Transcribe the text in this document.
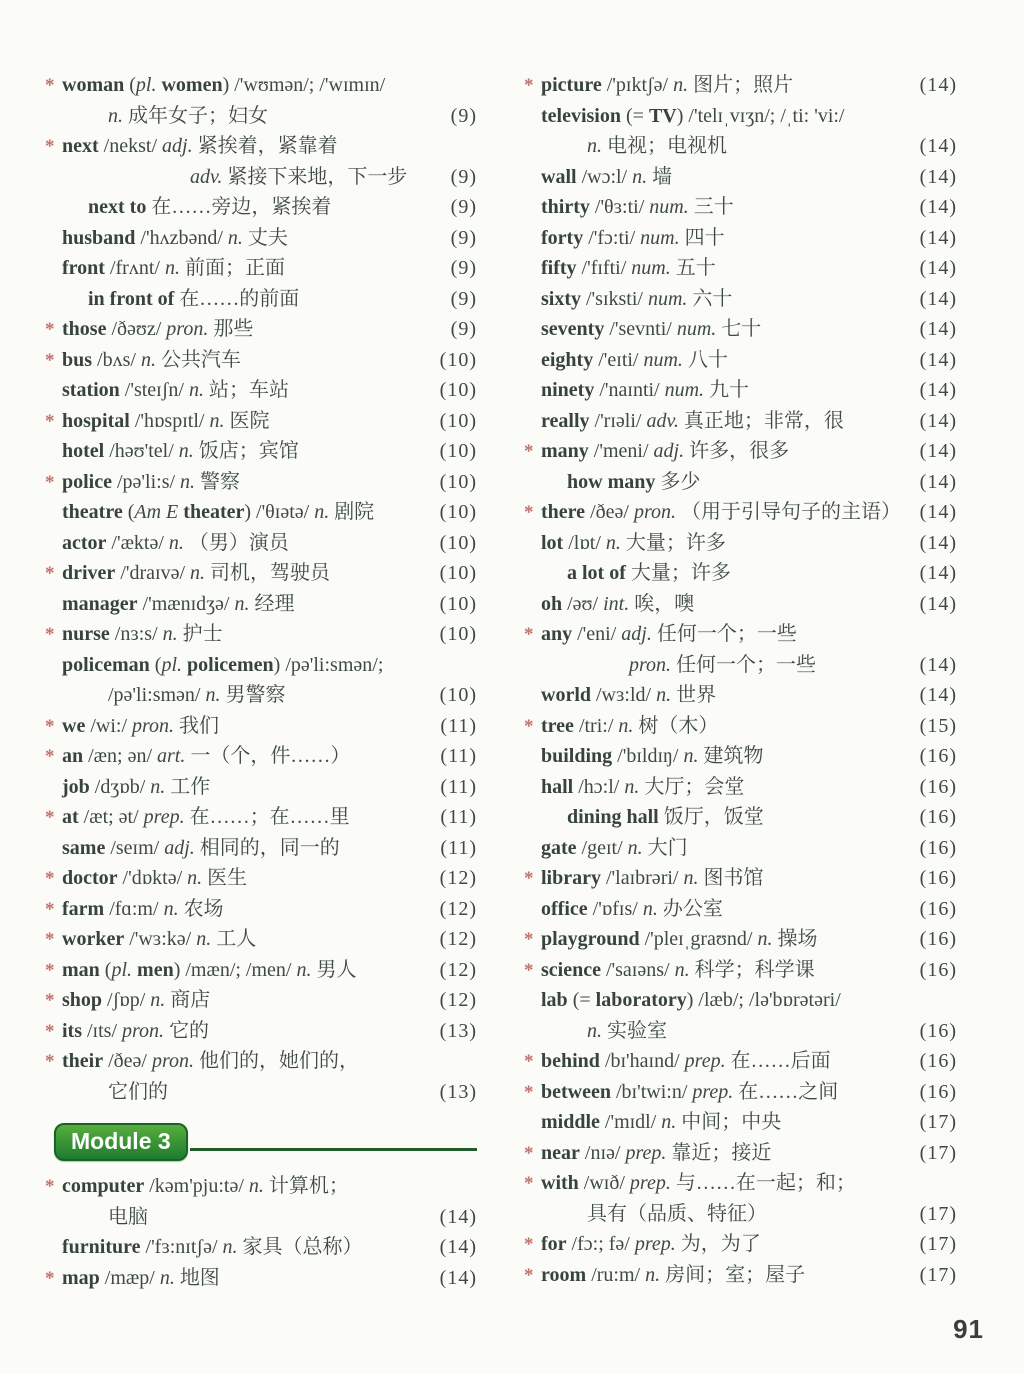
* woman (pl. women) /'wʊmən/; /'wɪmɪn/
n. 成年女子；妇女	(9)
* next /nekst/ adj. 紧挨着，紧靠着
adv. 紧接下来地，下一步	(9)
next to 在……旁边，紧挨着	(9)
husband /'hʌzbənd/ n. 丈夫	(9)
front /frʌnt/ n. 前面；正面	(9)
in front of 在……的前面	(9)
* those /ðəʊz/ pron. 那些	(9)
* bus /bʌs/ n. 公共汽车	(10)
station /'steɪʃn/ n. 站；车站	(10)
* hospital /'hɒspɪtl/ n. 医院	(10)
hotel /həʊ'tel/ n. 饭店；宾馆	(10)
* police /pə'li:s/ n. 警察	(10)
theatre (Am E theater) /'θɪətə/ n. 剧院	(10)
actor /'æktə/ n. （男）演员	(10)
* driver /'draɪvə/ n. 司机，驾驶员	(10)
manager /'mænɪdʒə/ n. 经理	(10)
* nurse /nɜ:s/ n. 护士	(10)
policeman (pl. policemen) /pə'li:smən/;
/pə'li:smən/ n. 男警察	(10)
* we /wi:/ pron. 我们	(11)
* an /æn; ən/ art. 一（个，件……）	(11)
job /dʒɒb/ n. 工作	(11)
* at /æt; ət/ prep. 在……；在……里	(11)
same /seɪm/ adj. 相同的，同一的	(11)
* doctor /'dɒktə/ n. 医生	(12)
* farm /fɑ:m/ n. 农场	(12)
* worker /'wɜ:kə/ n. 工人	(12)
* man (pl. men) /mæn/; /men/ n. 男人	(12)
* shop /ʃɒp/ n. 商店	(12)
* its /ɪts/ pron. 它的	(13)
* their /ðeə/ pron. 他们的，她们的，
它们的	(13)
Module 3
* computer /kəm'pju:tə/ n. 计算机；
电脑	(14)
furniture /'fɜ:nɪtʃə/ n. 家具（总称）	(14)
* map /mæp/ n. 地图	(14)
* picture /'pɪktʃə/ n. 图片；照片	(14)
television (= TV) /'telɪˌvɪʒn/; /ˌti: 'vi:/
n. 电视；电视机	(14)
wall /wɔ:l/ n. 墙	(14)
thirty /'θɜ:ti/ num. 三十	(14)
forty /'fɔ:ti/ num. 四十	(14)
fifty /'fɪfti/ num. 五十	(14)
sixty /'sɪksti/ num. 六十	(14)
seventy /'sevnti/ num. 七十	(14)
eighty /'eɪti/ num. 八十	(14)
ninety /'naɪnti/ num. 九十	(14)
really /'rɪəli/ adv. 真正地；非常，很	(14)
* many /'meni/ adj. 许多，很多	(14)
how many 多少	(14)
* there /ðeə/ pron. （用于引导句子的主语） (14)
lot /lɒt/ n. 大量；许多	(14)
a lot of 大量；许多	(14)
oh /əʊ/ int. 唉，噢	(14)
* any /'eni/ adj. 任何一个；一些
pron. 任何一个；一些	(14)
world /wɜ:ld/ n. 世界	(14)
* tree /tri:/ n. 树（木）	(15)
building /'bɪldɪŋ/ n. 建筑物	(16)
hall /hɔ:l/ n. 大厅；会堂	(16)
dining hall 饭厅，饭堂	(16)
gate /geɪt/ n. 大门	(16)
* library /'laɪbrəri/ n. 图书馆	(16)
office /'ɒfɪs/ n. 办公室	(16)
* playground /'pleɪˌgraʊnd/ n. 操场	(16)
* science /'saɪəns/ n. 科学；科学课	(16)
lab (= laboratory) /læb/; /lə'bɒrətəri/
n. 实验室	(16)
* behind /bɪ'haɪnd/ prep. 在……后面	(16)
* between /bɪ'twi:n/ prep. 在……之间	(16)
middle /'mɪdl/ n. 中间；中央	(17)
* near /nɪə/ prep. 靠近；接近	(17)
* with /wɪð/ prep. 与……在一起；和；
具有（品质、特征）	(17)
* for /fɔ:; fə/ prep. 为，为了	(17)
* room /ru:m/ n. 房间；室；屋子	(17)
91
